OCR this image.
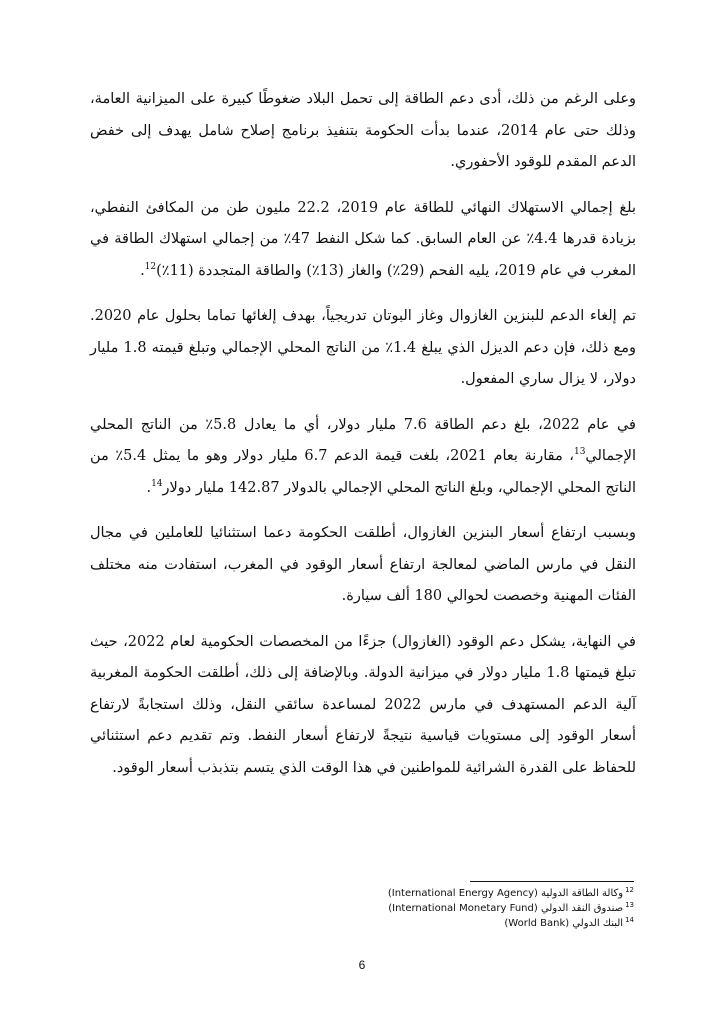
وعلى الرغم من ذلك، أدى دعم الطاقة إلى تحمل البلاد ضغوطًا كبيرة على الميزانية العامة، وذلك حتى عام 2014، عندما بدأت الحكومة بتنفيذ برنامج إصلاح شامل يهدف إلى خفض الدعم المقدم للوقود الأحفوري.

بلغ إجمالي الاستهلاك النهائي للطاقة عام 2019، 22.2 مليون طن من المكافئ النفطي، بزيادة قدرها 4.4٪ عن العام السابق. كما شكل النفط 47٪ من إجمالي استهلاك الطاقة في المغرب في عام 2019، يليه الفحم (29٪) والغاز (13٪) والطاقة المتجددة (11٪)$^{12}$.

تم إلغاء الدعم للبنزين الغازوال وغاز البوتان تدريجياً، بهدف إلغائها تماما بحلول عام 2020. ومع ذلك، فإن دعم الديزل الذي يبلغ 1.4٪ من الناتج المحلي الإجمالي وتبلغ قيمته 1.8 مليار دولار، لا يزال ساري المفعول.

في عام 2022، بلغ دعم الطاقة 7.6 مليار دولار، أي ما يعادل 5.8٪ من الناتج المحلي الإجمالي$^{13}$، مقارنة بعام 2021، بلغت قيمة الدعم 6.7 مليار دولار وهو ما يمثل 5.4٪ من الناتج المحلي الإجمالي، وبلغ الناتج المحلي الإجمالي بالدولار 142.87 مليار دولار$^{14}$.

وبسبب ارتفاع أسعار البنزين الغازوال، أطلقت الحكومة دعما استثنائيا للعاملين في مجال النقل في مارس الماضي لمعالجة ارتفاع أسعار الوقود في المغرب، استفادت منه مختلف الفئات المهنية وخصصت لحوالي 180 ألف سيارة.

في النهاية، يشكل دعم الوقود (الغازوال) جزءًا من المخصصات الحكومية لعام 2022، حيث تبلغ قيمتها 1.8 مليار دولار في ميزانية الدولة. وبالإضافة إلى ذلك، أطلقت الحكومة المغربية آلية الدعم المستهدف في مارس 2022 لمساعدة سائقي النقل، وذلك استجابةً لارتفاع أسعار الوقود إلى مستويات قياسية نتيجةً لارتفاع أسعار النفط. وتم تقديم دعم استثنائي للحفاظ على القدرة الشرائية للمواطنين في هذا الوقت الذي يتسم بتذبذب أسعار الوقود.

$^{12}$وكالة الطاقة الدولية (International Energy Agency)
$^{13}$صندوق النقد الدولي (International Monetary Fund)
$^{14}$البنك الدولي (World Bank)
6
